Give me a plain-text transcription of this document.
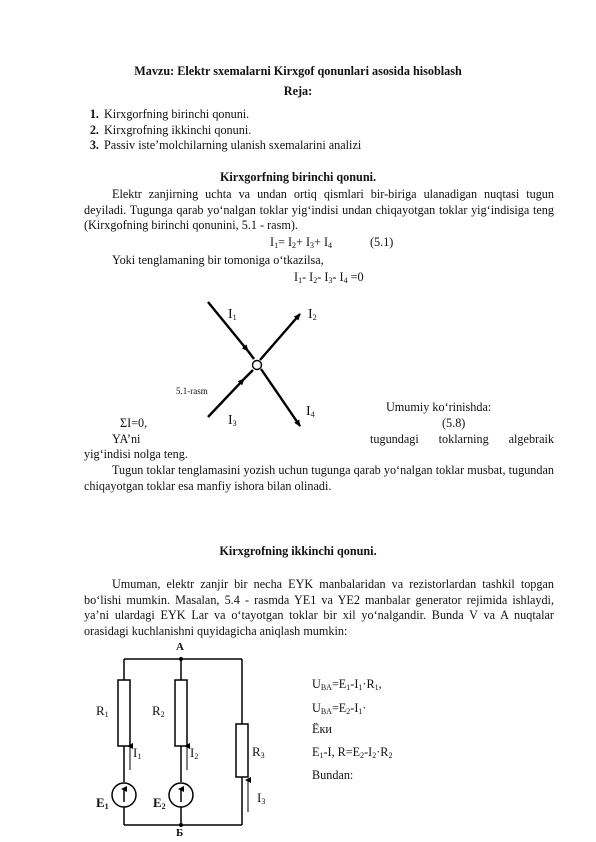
Mavzu: Elektr sxemalarni Kirxgof qonunlari asosida hisoblash
Reja:
1. Kirxgorfning birinchi qonuni.
2. Kirxgrofning ikkinchi qonuni.
3. Passiv iste’molchilarning ulanish sxemalarini analizi
Kirxgorfning birinchi qonuni.
Elektr zanjirning uchta va undan ortiq qismlari bir-biriga ulanadigan nuqtasi tugun deyiladi. Tugunga qarab yo‘nalgan toklar yig‘indisi undan chiqayotgan toklar yig‘indisiga teng (Kirxgofning birinchi qonunini, 5.1 - rasm).
$I_1= I_2+ I_3+ I_4$	(5.1)
Yoki tenglamaning bir tomoniga o‘tkazilsa,
$I_1-$ $I_2-$ $I_3-$ $I_4 =0$
$I_1$	$I_2$
$I_3$
$I_4$
5.1-rasm
Umumiy ko‘rinishda:
ΣI=0,	(5.8)
YA’ni	tugundagi toklarning algebraik
yig‘indisi nolga teng.
Tugun toklar tenglamasini yozish uchun tugunga qarab yo‘nalgan toklar musbat, tugundan chiqayotgan toklar esa manfiy ishora bilan olinadi.
Kirxgrofning ikkinchi qonuni.
Umuman, elektr zanjir bir necha EYK manbalaridan va rezistorlardan tashkil topgan bo‘lishi mumkin. Masalan, 5.4 - rasmda YE1 va YE2 manbalar generator rejimida ishlaydi, ya’ni ulardagi EYK Lar va o‘tayotgan toklar bir xil yo‘nalgandir. Bunda V va A nuqtalar orasidagi kuchlanishni quyidagicha aniqlash mumkin:
A
Б
$R_1$	$R_2$
$R_3$
$I_1$	$I_2$
$I_3$
$E_1$	$E_2$
$U_{BA}=E_1-I_1\cdot R_1$,
$U_{BA}=E_2-I_1\cdot$
Ёки
$E_1-I$, $R=E_2-I_2\cdot R_2$
Bundan:
